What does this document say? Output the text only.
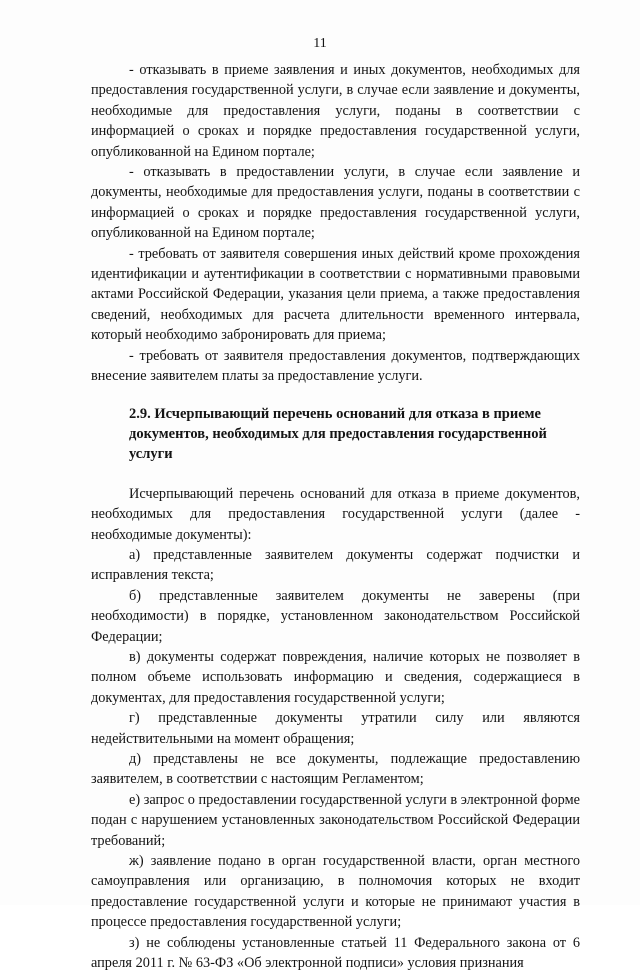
11

- отказывать в приеме заявления и иных документов, необходимых для предоставления государственной услуги, в случае если заявление и документы, необходимые для предоставления услуги, поданы в соответствии с информацией о сроках и порядке предоставления государственной услуги, опубликованной на Едином портале;

- отказывать в предоставлении услуги, в случае если заявление и документы, необходимые для предоставления услуги, поданы в соответствии с информацией о сроках и порядке предоставления государственной услуги, опубликованной на Едином портале;

- требовать от заявителя совершения иных действий кроме прохождения идентификации и аутентификации в соответствии с нормативными правовыми актами Российской Федерации, указания цели приема, а также предоставления сведений, необходимых для расчета длительности временного интервала, который необходимо забронировать для приема;

- требовать от заявителя предоставления документов, подтверждающих внесение заявителем платы за предоставление услуги.

2.9. Исчерпывающий перечень оснований для отказа в приеме документов, необходимых для предоставления государственной услуги

Исчерпывающий перечень оснований для отказа в приеме документов, необходимых для предоставления государственной услуги (далее - необходимые документы):

а) представленные заявителем документы содержат подчистки и исправления текста;

б) представленные заявителем документы не заверены (при необходимости) в порядке, установленном законодательством Российской Федерации;

в) документы содержат повреждения, наличие которых не позволяет в полном объеме использовать информацию и сведения, содержащиеся в документах, для предоставления государственной услуги;

г) представленные документы утратили силу или являются недействительными на момент обращения;

д) представлены не все документы, подлежащие предоставлению заявителем, в соответствии с настоящим Регламентом;

е) запрос о предоставлении государственной услуги в электронной форме подан с нарушением установленных законодательством Российской Федерации требований;

ж) заявление подано в орган государственной власти, орган местного самоуправления или организацию, в полномочия которых не входит предоставление государственной услуги и которые не принимают участия в процессе предоставления государственной услуги;

з) не соблюдены установленные статьей 11 Федерального закона от 6 апреля 2011 г. № 63-ФЗ «Об электронной подписи» условия признания
